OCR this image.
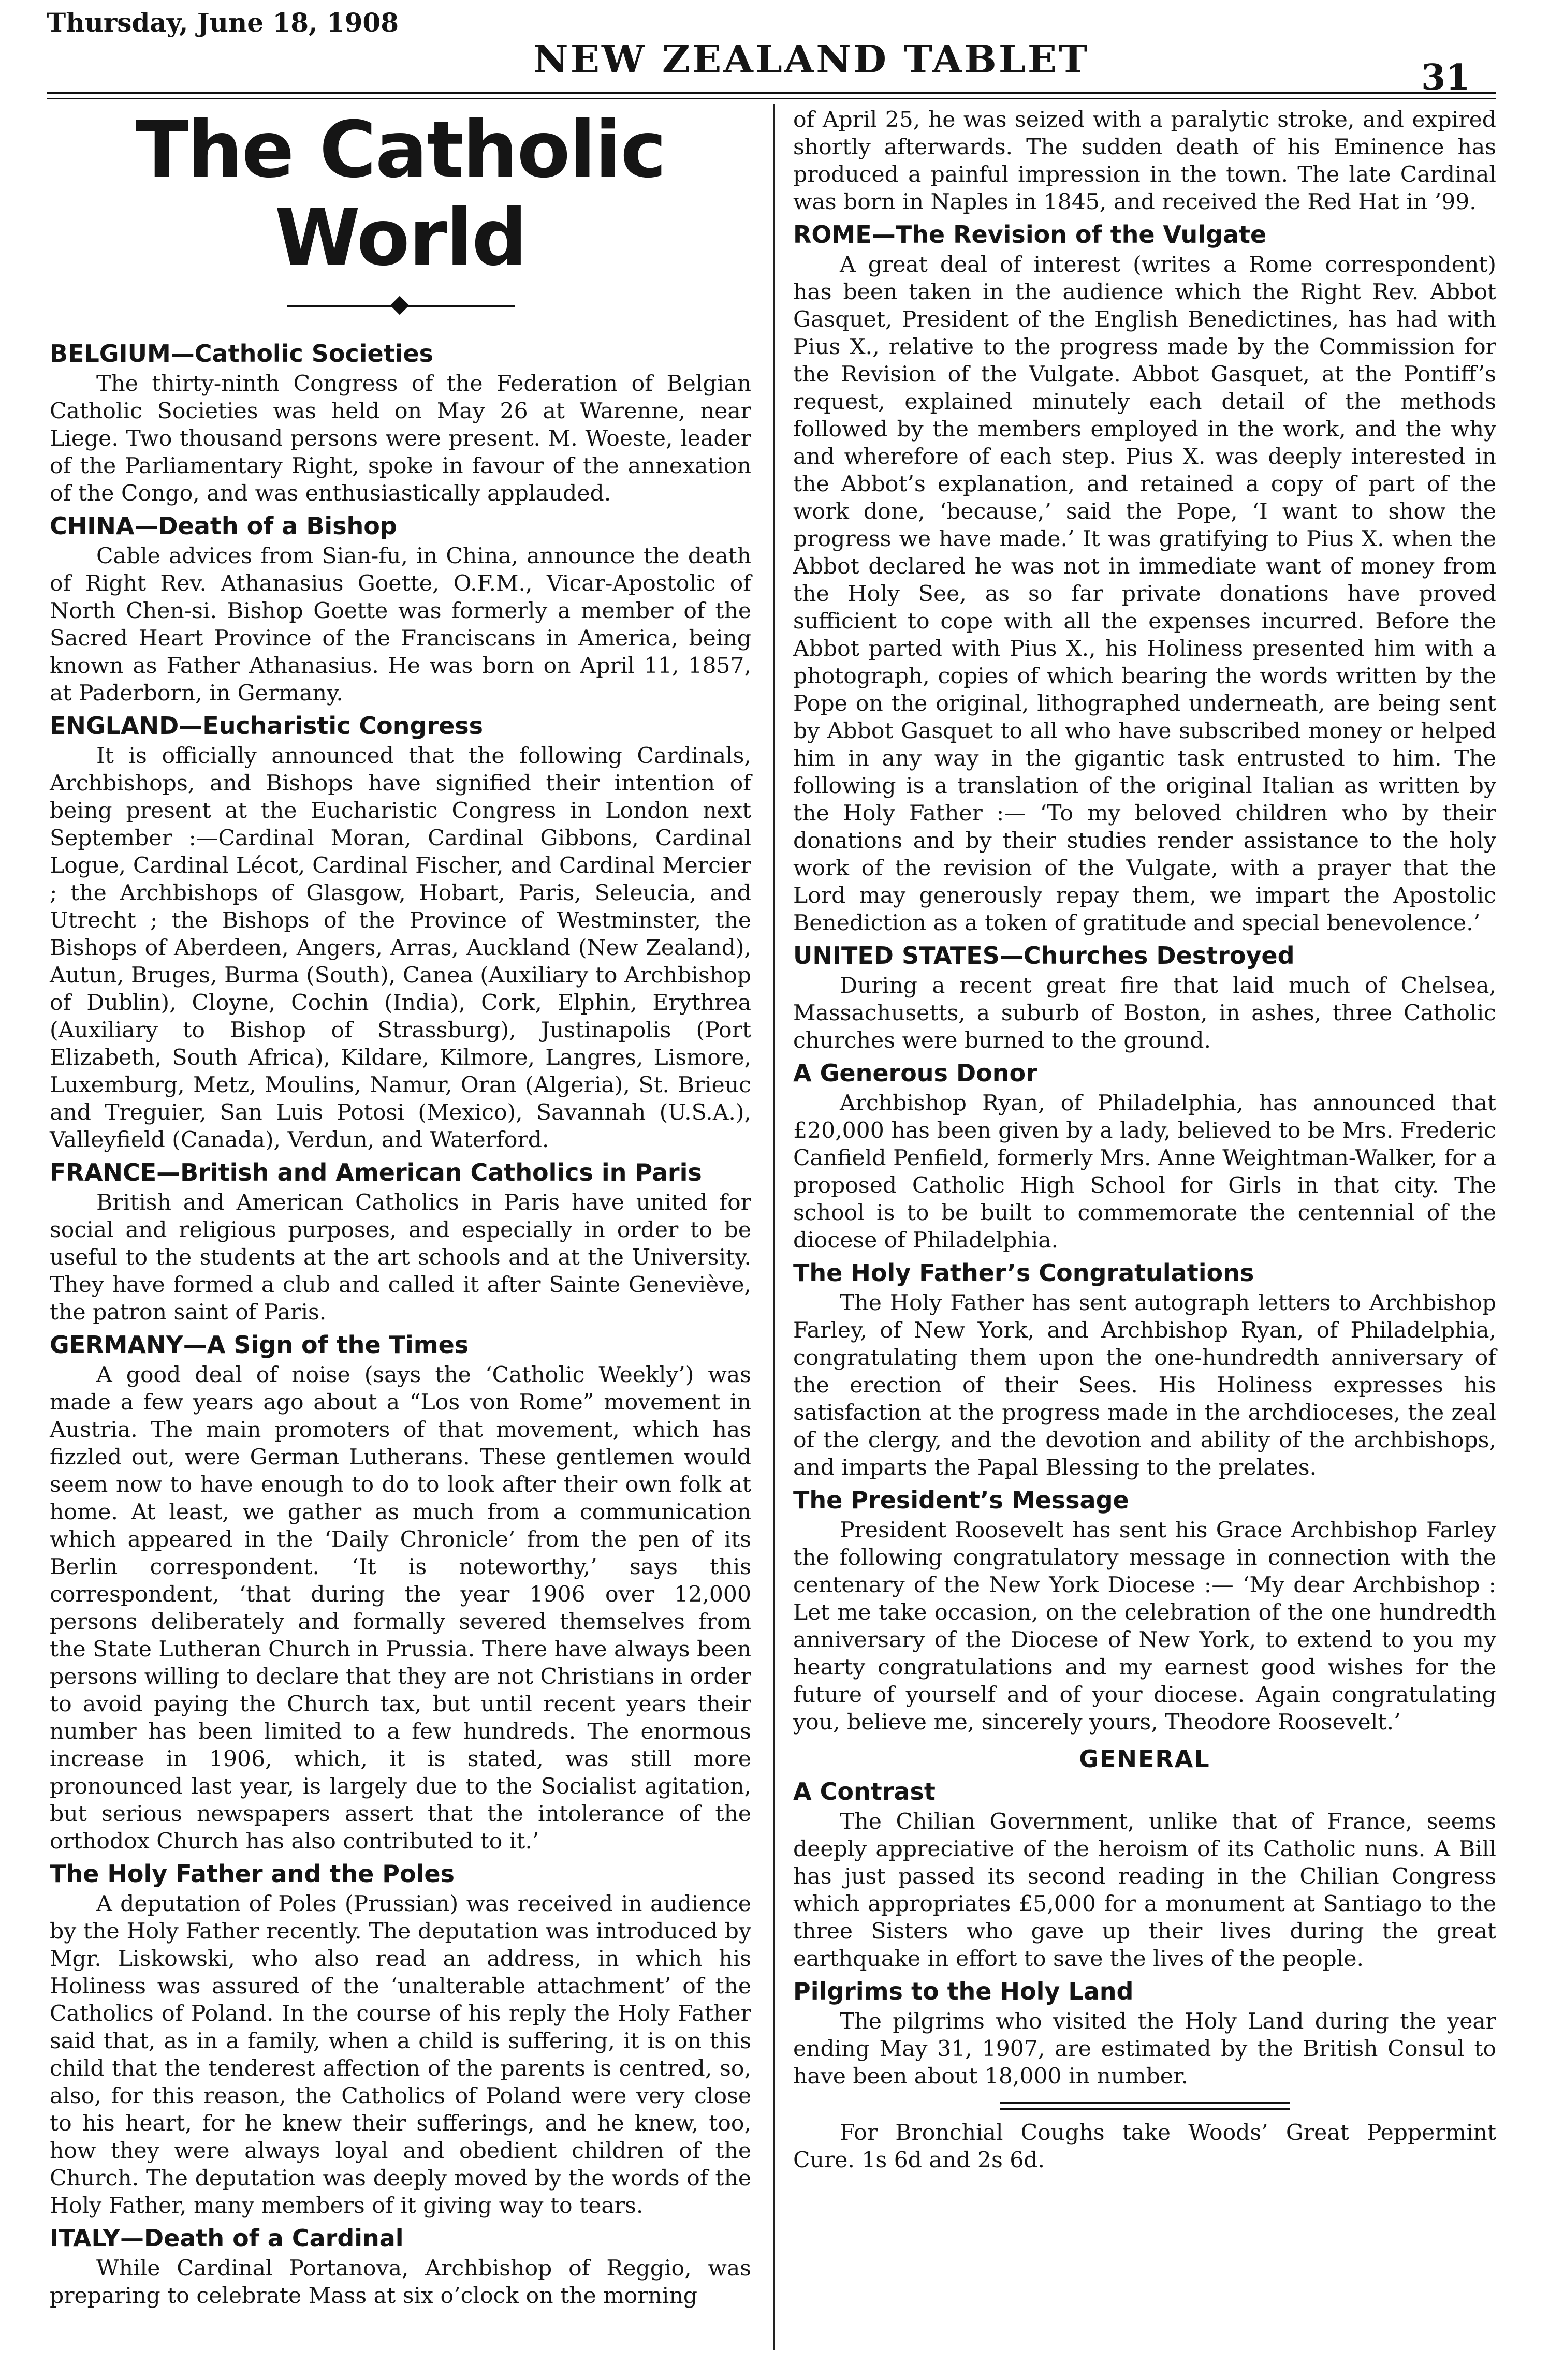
Thursday, June 18, 1908
NEW ZEALAND TABLET	31
The Catholic World
BELGIUM—Catholic Societies

The thirty-ninth Congress of the Federation of Belgian Catholic Societies was held on May 26 at Warenne, near Liege. Two thousand persons were present. M. Woeste, leader of the Parliamentary Right, spoke in favour of the annexation of the Congo, and was enthusiastically applauded.

CHINA—Death of a Bishop

Cable advices from Sian-fu, in China, announce the death of Right Rev. Athanasius Goette, O.F.M., Vicar-Apostolic of North Chen-si. Bishop Goette was formerly a member of the Sacred Heart Province of the Franciscans in America, being known as Father Athanasius. He was born on April 11, 1857, at Paderborn, in Germany.

ENGLAND—Eucharistic Congress

It is officially announced that the following Cardinals, Archbishops, and Bishops have signified their intention of being present at the Eucharistic Congress in London next September :—Cardinal Moran, Cardinal Gibbons, Cardinal Logue, Cardinal Lécot, Cardinal Fischer, and Cardinal Mercier ; the Archbishops of Glasgow, Hobart, Paris, Seleucia, and Utrecht ; the Bishops of the Province of Westminster, the Bishops of Aberdeen, Angers, Arras, Auckland (New Zealand), Autun, Bruges, Burma (South), Canea (Auxiliary to Archbishop of Dublin), Cloyne, Cochin (India), Cork, Elphin, Erythrea (Auxiliary to Bishop of Strassburg), Justinapolis (Port Elizabeth, South Africa), Kildare, Kilmore, Langres, Lismore, Luxemburg, Metz, Moulins, Namur, Oran (Algeria), St. Brieuc and Treguier, San Luis Potosi (Mexico), Savannah (U.S.A.), Valleyfield (Canada), Verdun, and Waterford.

FRANCE—British and American Catholics in Paris

British and American Catholics in Paris have united for social and religious purposes, and especially in order to be useful to the students at the art schools and at the University. They have formed a club and called it after Sainte Geneviève, the patron saint of Paris.

GERMANY—A Sign of the Times

A good deal of noise (says the ‘Catholic Weekly’) was made a few years ago about a “Los von Rome” movement in Austria. The main promoters of that movement, which has fizzled out, were German Lutherans. These gentlemen would seem now to have enough to do to look after their own folk at home. At least, we gather as much from a communication which appeared in the ‘Daily Chronicle’ from the pen of its Berlin correspondent. ‘It is noteworthy,’ says this correspondent, ‘that during the year 1906 over 12,000 persons deliberately and formally severed themselves from the State Lutheran Church in Prussia. There have always been persons willing to declare that they are not Christians in order to avoid paying the Church tax, but until recent years their number has been limited to a few hundreds. The enormous increase in 1906, which, it is stated, was still more pronounced last year, is largely due to the Socialist agitation, but serious newspapers assert that the intolerance of the orthodox Church has also contributed to it.’

The Holy Father and the Poles

A deputation of Poles (Prussian) was received in audience by the Holy Father recently. The deputation was introduced by Mgr. Liskowski, who also read an address, in which his Holiness was assured of the ‘unalterable attachment’ of the Catholics of Poland. In the course of his reply the Holy Father said that, as in a family, when a child is suffering, it is on this child that the tenderest affection of the parents is centred, so, also, for this reason, the Catholics of Poland were very close to his heart, for he knew their sufferings, and he knew, too, how they were always loyal and obedient children of the Church. The deputation was deeply moved by the words of the Holy Father, many members of it giving way to tears.

ITALY—Death of a Cardinal

While Cardinal Portanova, Archbishop of Reggio, was preparing to celebrate Mass at six o’clock on the morning

of April 25, he was seized with a paralytic stroke, and expired shortly afterwards. The sudden death of his Eminence has produced a painful impression in the town. The late Cardinal was born in Naples in 1845, and received the Red Hat in ’99.

ROME—The Revision of the Vulgate

A great deal of interest (writes a Rome correspondent) has been taken in the audience which the Right Rev. Abbot Gasquet, President of the English Benedictines, has had with Pius X., relative to the progress made by the Commission for the Revision of the Vulgate. Abbot Gasquet, at the Pontiff’s request, explained minutely each detail of the methods followed by the members employed in the work, and the why and wherefore of each step. Pius X. was deeply interested in the Abbot’s explanation, and retained a copy of part of the work done, ‘because,’ said the Pope, ‘I want to show the progress we have made.’ It was gratifying to Pius X. when the Abbot declared he was not in immediate want of money from the Holy See, as so far private donations have proved sufficient to cope with all the expenses incurred. Before the Abbot parted with Pius X., his Holiness presented him with a photograph, copies of which bearing the words written by the Pope on the original, lithographed underneath, are being sent by Abbot Gasquet to all who have subscribed money or helped him in any way in the gigantic task entrusted to him. The following is a translation of the original Italian as written by the Holy Father :— ‘To my beloved children who by their donations and by their studies render assistance to the holy work of the revision of the Vulgate, with a prayer that the Lord may generously repay them, we impart the Apostolic Benediction as a token of gratitude and special benevolence.’

UNITED STATES—Churches Destroyed

During a recent great fire that laid much of Chelsea, Massachusetts, a suburb of Boston, in ashes, three Catholic churches were burned to the ground.

A Generous Donor

Archbishop Ryan, of Philadelphia, has announced that £20,000 has been given by a lady, believed to be Mrs. Frederic Canfield Penfield, formerly Mrs. Anne Weightman-Walker, for a proposed Catholic High School for Girls in that city. The school is to be built to commemorate the centennial of the diocese of Philadelphia.

The Holy Father’s Congratulations

The Holy Father has sent autograph letters to Archbishop Farley, of New York, and Archbishop Ryan, of Philadelphia, congratulating them upon the one-hundredth anniversary of the erection of their Sees. His Holiness expresses his satisfaction at the progress made in the archdioceses, the zeal of the clergy, and the devotion and ability of the archbishops, and imparts the Papal Blessing to the prelates.

The President’s Message

President Roosevelt has sent his Grace Archbishop Farley the following congratulatory message in connection with the centenary of the New York Diocese :— ‘My dear Archbishop : Let me take occasion, on the celebration of the one hundredth anniversary of the Diocese of New York, to extend to you my hearty congratulations and my earnest good wishes for the future of yourself and of your diocese. Again congratulating you, believe me, sincerely yours, Theodore Roosevelt.’

GENERAL
A Contrast

The Chilian Government, unlike that of France, seems deeply appreciative of the heroism of its Catholic nuns. A Bill has just passed its second reading in the Chilian Congress which appropriates £5,000 for a monument at Santiago to the three Sisters who gave up their lives during the great earthquake in effort to save the lives of the people.

Pilgrims to the Holy Land

The pilgrims who visited the Holy Land during the year ending May 31, 1907, are estimated by the British Consul to have been about 18,000 in number.

For Bronchial Coughs take Woods’ Great Peppermint Cure. 1s 6d and 2s 6d.
